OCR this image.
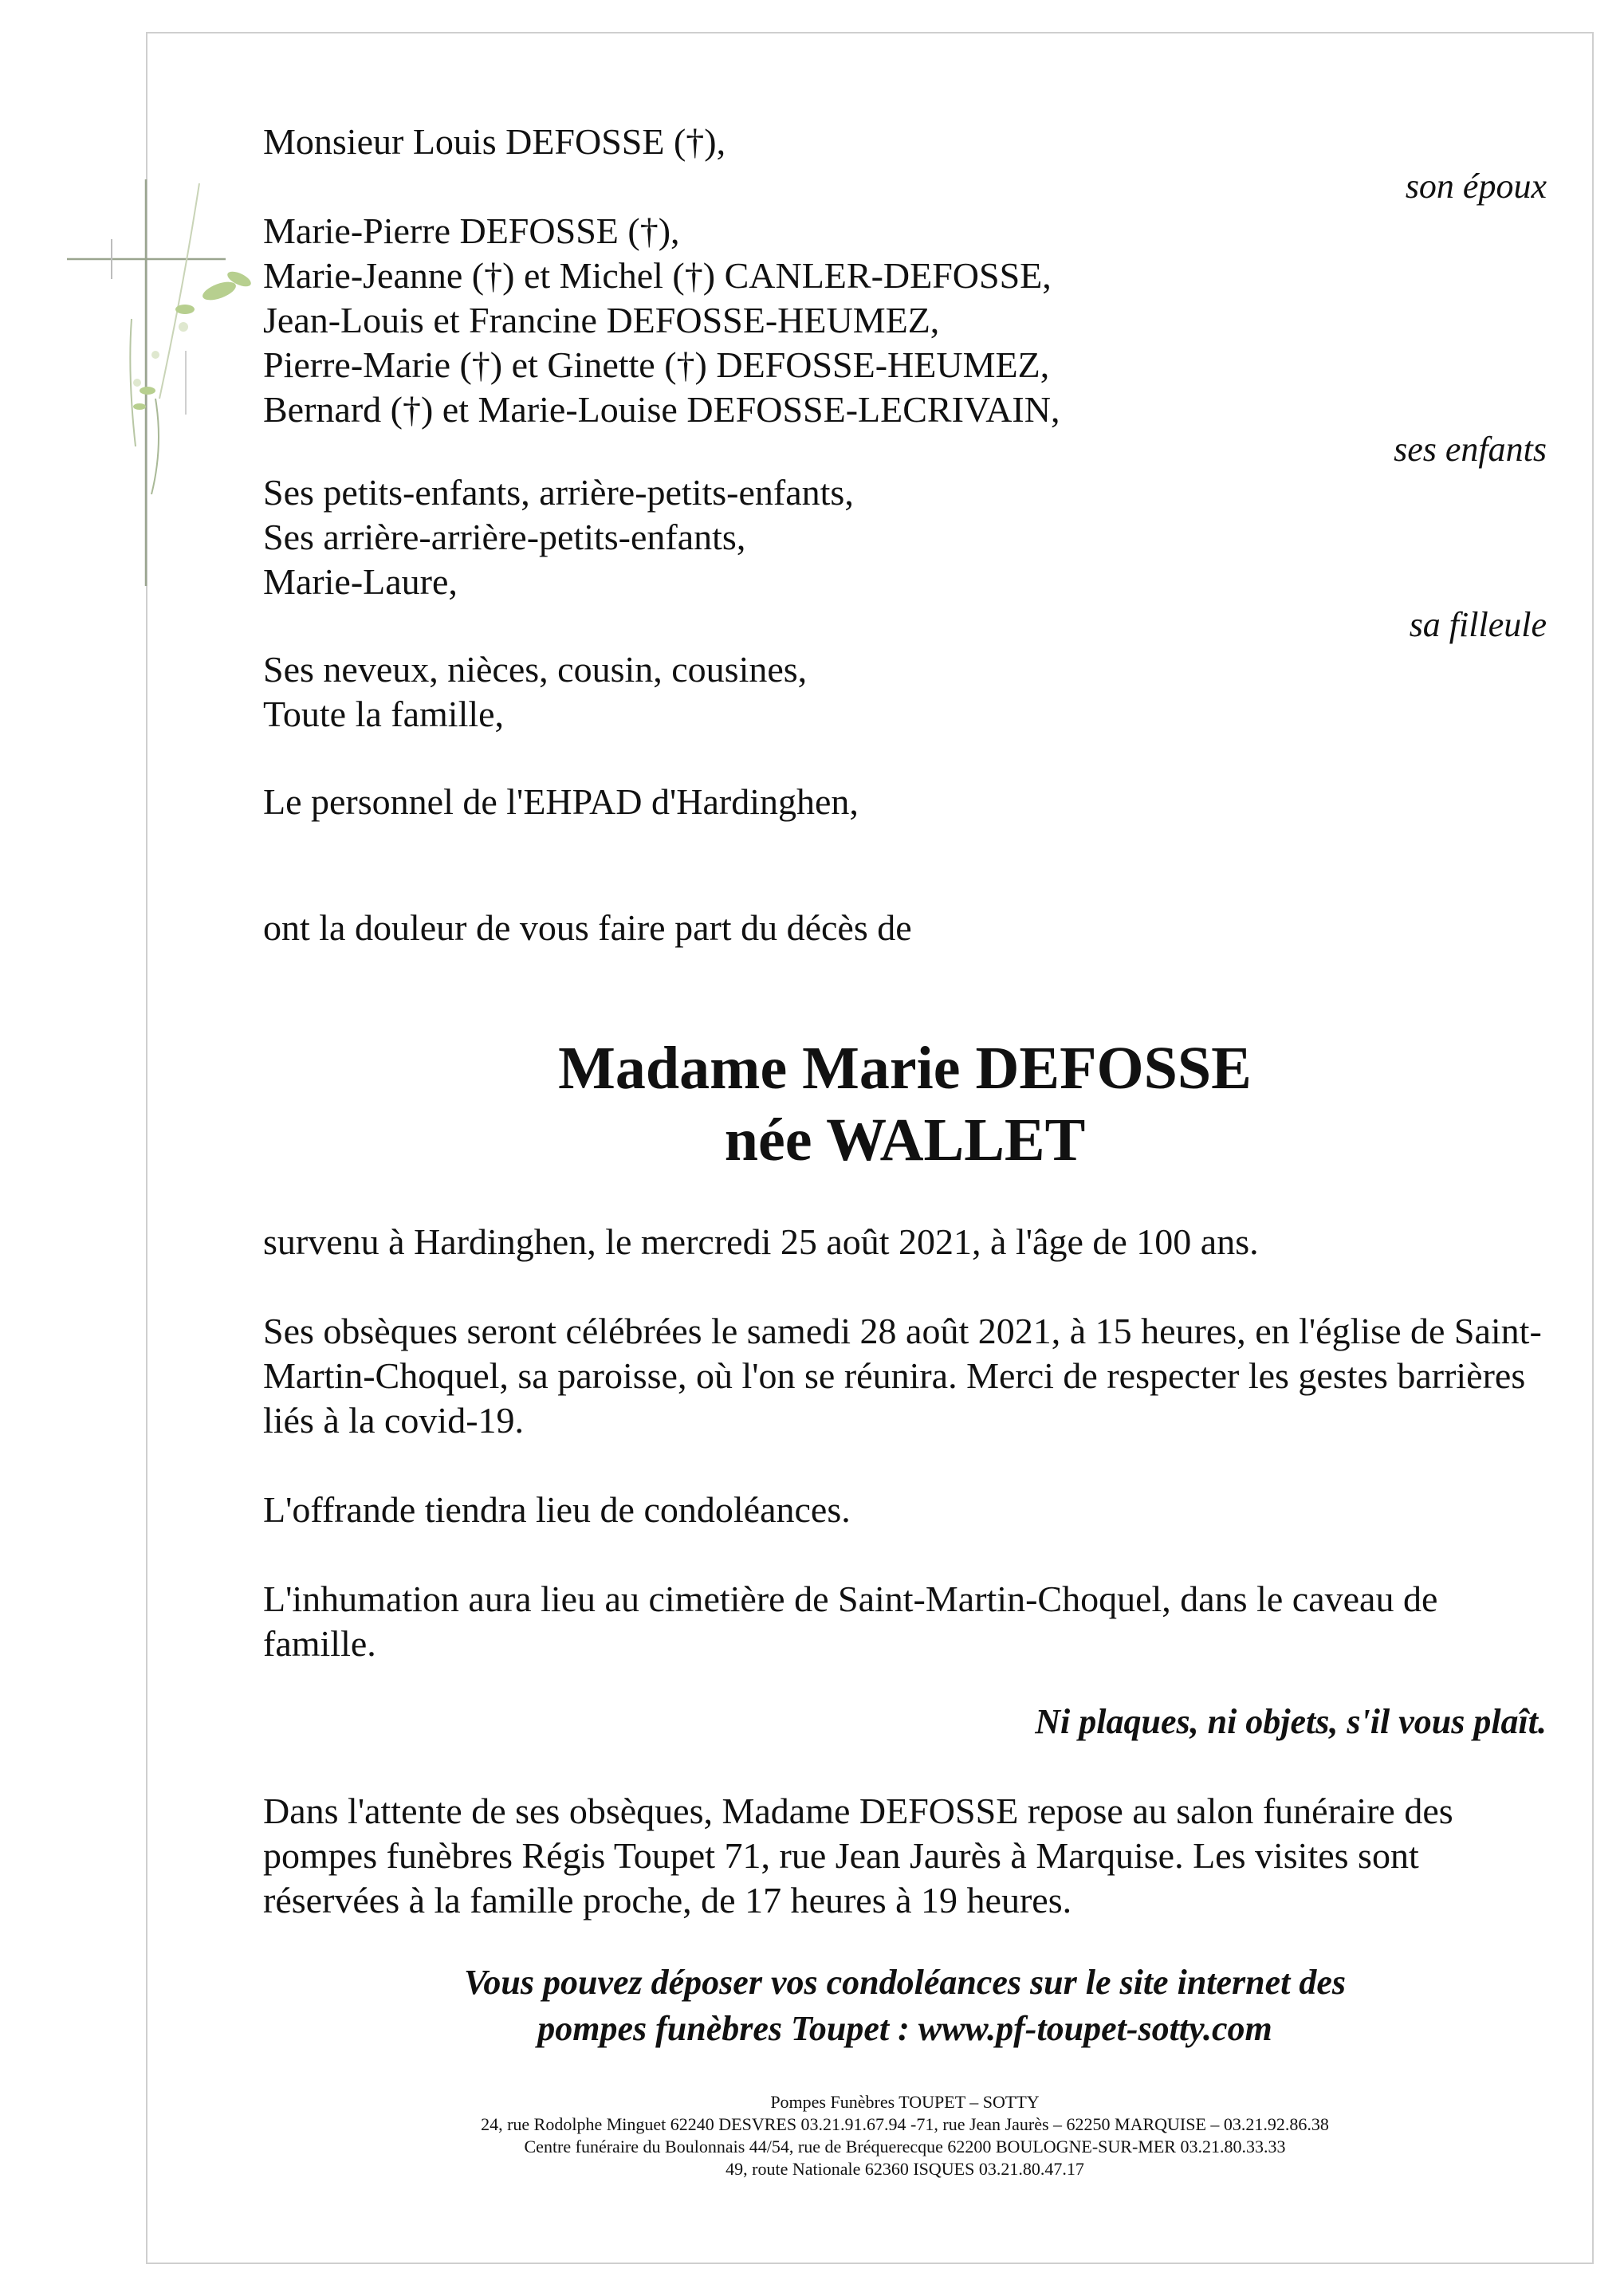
Monsieur Louis DEFOSSE (†),
son époux
Marie-Pierre DEFOSSE (†),
Marie-Jeanne (†) et Michel (†) CANLER-DEFOSSE,
Jean-Louis et Francine DEFOSSE-HEUMEZ,
Pierre-Marie (†) et Ginette (†) DEFOSSE-HEUMEZ,
Bernard (†) et Marie-Louise DEFOSSE-LECRIVAIN,
ses enfants
Ses petits-enfants, arrière-petits-enfants,
Ses arrière-arrière-petits-enfants,
Marie-Laure,
sa filleule
Ses neveux, nièces, cousin, cousines,
Toute la famille,
Le personnel de l'EHPAD d'Hardinghen,
ont la douleur de vous faire part du décès de
Madame Marie DEFOSSE
née WALLET
survenu à Hardinghen, le mercredi 25 août 2021, à l'âge de 100 ans.
Ses obsèques seront célébrées le samedi 28 août 2021, à 15 heures, en l'église de Saint-Martin-Choquel, sa paroisse, où l'on se réunira. Merci de respecter les gestes barrières liés à la covid-19.
L'offrande tiendra lieu de condoléances.
L'inhumation aura lieu au cimetière de Saint-Martin-Choquel, dans le caveau de famille.
Ni plaques, ni objets, s'il vous plaît.
Dans l'attente de ses obsèques, Madame DEFOSSE repose au salon funéraire des pompes funèbres Régis Toupet 71, rue Jean Jaurès à Marquise. Les visites sont réservées à la famille proche, de 17 heures à 19 heures.
Vous pouvez déposer vos condoléances sur le site internet des
pompes funèbres Toupet : www.pf-toupet-sotty.com
Pompes Funèbres TOUPET – SOTTY
24, rue Rodolphe Minguet 62240 DESVRES 03.21.91.67.94 -71, rue Jean Jaurès – 62250 MARQUISE – 03.21.92.86.38
Centre funéraire du Boulonnais 44/54, rue de Bréquerecque 62200 BOULOGNE-SUR-MER 03.21.80.33.33
49, route Nationale 62360 ISQUES 03.21.80.47.17
